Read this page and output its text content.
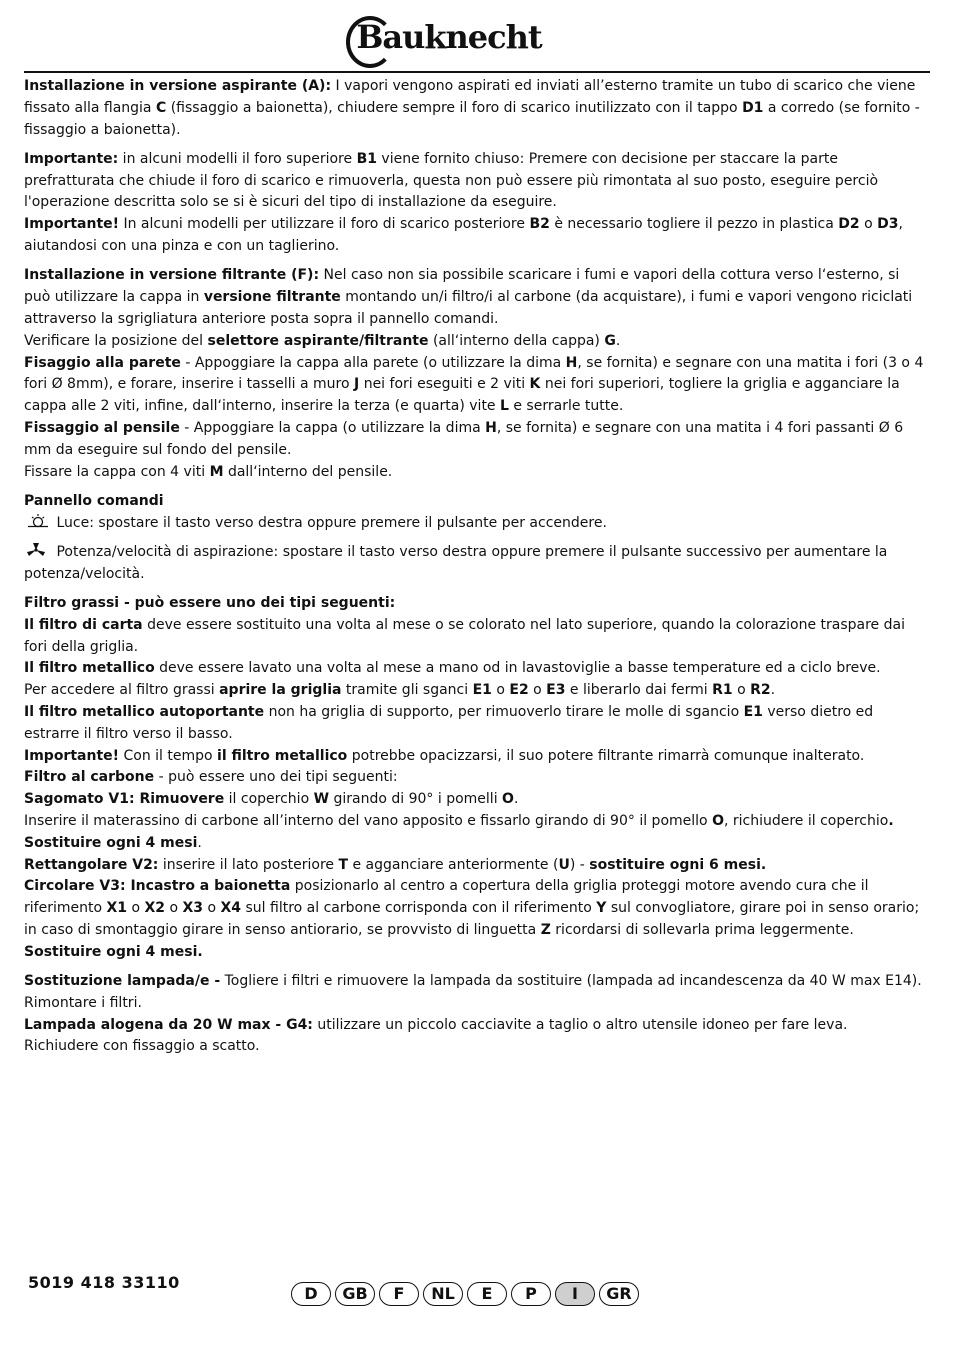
Bauknecht

Installazione in versione aspirante (A): I vapori vengono aspirati ed inviati all’esterno tramite un tubo di scarico che viene fissato alla flangia C (fissaggio a baionetta), chiudere sempre il foro di scarico inutilizzato con il tappo D1 a corredo (se fornito - fissaggio a baionetta).

Importante: in alcuni modelli il foro superiore B1 viene fornito chiuso: Premere con decisione per staccare la parte prefratturata che chiude il foro di scarico e rimuoverla, questa non può essere più rimontata al suo posto, eseguire perciò l'operazione descritta solo se si è sicuri del tipo di installazione da eseguire.

Importante! In alcuni modelli per utilizzare il foro di scarico posteriore B2 è necessario togliere il pezzo in plastica D2 o D3, aiutandosi con una pinza e con un taglierino.

Installazione in versione filtrante (F): Nel caso non sia possibile scaricare i fumi e vapori della cottura verso l‘esterno, si può utilizzare la cappa in versione filtrante montando un/i filtro/i al carbone (da acquistare), i fumi e vapori vengono riciclati attraverso la sgrigliatura anteriore posta sopra il pannello comandi.

Verificare la posizione del selettore aspirante/filtrante (all‘interno della cappa) G.

Fisaggio alla parete - Appoggiare la cappa alla parete (o utilizzare la dima H, se fornita) e segnare con una matita i fori (3 o 4 fori Ø 8mm), e forare, inserire i tasselli a muro J nei fori eseguiti e 2 viti K nei fori superiori, togliere la griglia e agganciare la cappa alle 2 viti, infine, dall‘interno, inserire la terza (e quarta) vite L e serrarle tutte.

Fissaggio al pensile - Appoggiare la cappa (o utilizzare la dima H, se fornita) e segnare con una matita i 4 fori passanti Ø 6 mm da eseguire sul fondo del pensile.

Fissare la cappa con 4 viti M dall‘interno del pensile.

Pannello comandi

Luce: spostare il tasto verso destra oppure premere il pulsante per accendere.

Potenza/velocità di aspirazione: spostare il tasto verso destra oppure premere il pulsante successivo per aumentare la potenza/velocità.

Filtro grassi - può essere uno dei tipi seguenti:

Il filtro di carta deve essere sostituito una volta al mese o se colorato nel lato superiore, quando la colorazione traspare dai fori della griglia.

Il filtro metallico deve essere lavato una volta al mese a mano od in lavastoviglie a basse temperature ed a ciclo breve.

Per accedere al filtro grassi aprire la griglia tramite gli sganci E1 o E2 o E3 e liberarlo dai fermi R1 o R2.

Il filtro metallico autoportante non ha griglia di supporto, per rimuoverlo tirare le molle di sgancio E1 verso dietro ed estrarre il filtro verso il basso.

Importante! Con il tempo il filtro metallico potrebbe opacizzarsi, il suo potere filtrante rimarrà comunque inalterato.

Filtro al carbone - può essere uno dei tipi seguenti:

Sagomato V1: Rimuovere il coperchio W girando di 90° i pomelli O.

Inserire il materassino di carbone all’interno del vano apposito e fissarlo girando di 90° il pomello O, richiudere il coperchio.

Sostituire ogni 4 mesi.

Rettangolare V2: inserire il lato posteriore T e agganciare anteriormente (U) - sostituire ogni 6 mesi.

Circolare V3: Incastro a baionetta posizionarlo al centro a copertura della griglia proteggi motore avendo cura che il riferimento X1 o X2 o X3 o X4 sul filtro al carbone corrisponda con il riferimento Y sul convogliatore, girare poi in senso orario; in caso di smontaggio girare in senso antiorario, se provvisto di linguetta Z ricordarsi di sollevarla prima leggermente.

Sostituire ogni 4 mesi.

Sostituzione lampada/e - Togliere i filtri e rimuovere la lampada da sostituire (lampada ad incandescenza da 40 W max E14). Rimontare i filtri.

Lampada alogena da 20 W max - G4: utilizzare un piccolo cacciavite a taglio o altro utensile idoneo per fare leva.

Richiudere con fissaggio a scatto.

5019 418 33110
D	GB	F	NL	E	P	I	GR
